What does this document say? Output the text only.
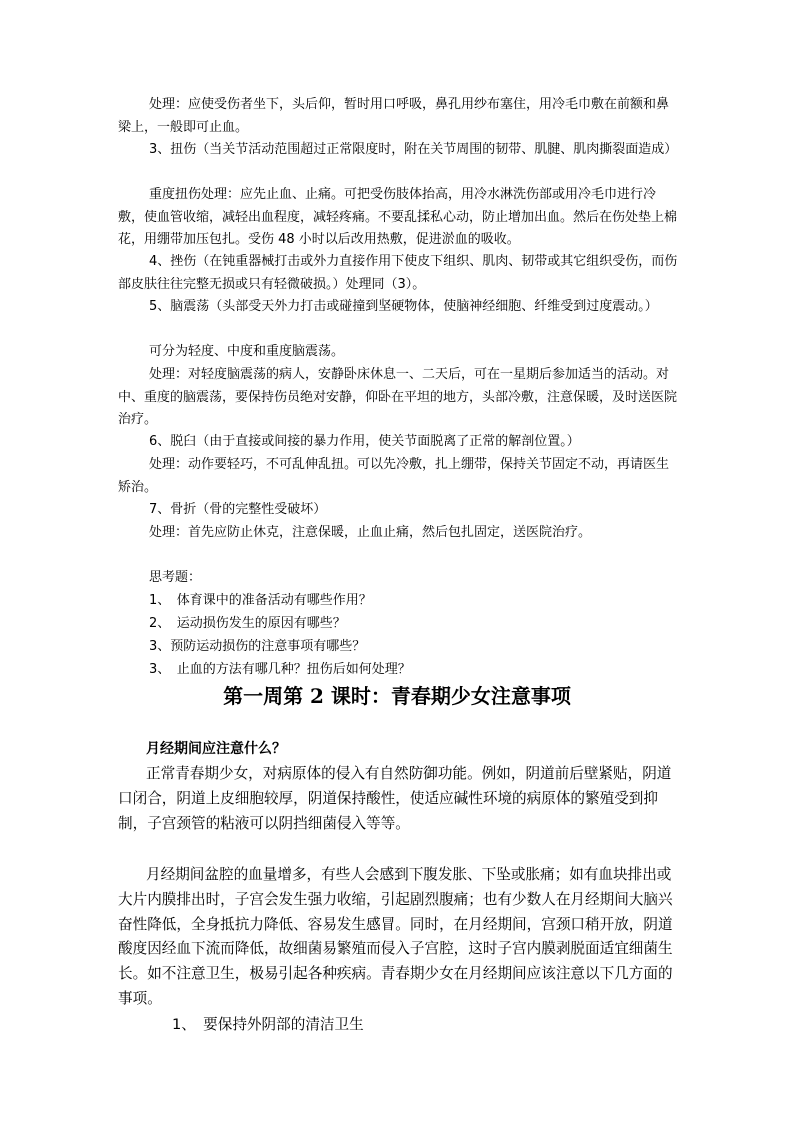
处理：应使受伤者坐下，头后仰，暂时用口呼吸，鼻孔用纱布塞住，用冷毛巾敷在前额和鼻梁上，一般即可止血。

3、扭伤（当关节活动范围超过正常限度时，附在关节周围的韧带、肌腱、肌肉撕裂面造成）

重度扭伤处理：应先止血、止痛。可把受伤肢体抬高，用冷水淋洗伤部或用冷毛巾进行冷敷，使血管收缩，减轻出血程度，减轻疼痛。不要乱揉私心动，防止增加出血。然后在伤处垫上棉花，用绷带加压包扎。受伤 48 小时以后改用热敷，促进淤血的吸收。

4、挫伤（在钝重器械打击或外力直接作用下使皮下组织、肌肉、韧带或其它组织受伤，而伤部皮肤往往完整无损或只有轻微破损。）处理同（3）。

5、脑震荡（头部受天外力打击或碰撞到坚硬物体，使脑神经细胞、纤维受到过度震动。）

可分为轻度、中度和重度脑震荡。

处理：对轻度脑震荡的病人，安静卧床休息一、二天后，可在一星期后参加适当的活动。对中、重度的脑震荡，要保持伤员绝对安静，仰卧在平坦的地方，头部冷敷，注意保暖，及时送医院治疗。

6、脱臼（由于直接或间接的暴力作用，使关节面脱离了正常的解剖位置。）

处理：动作要轻巧，不可乱伸乱扭。可以先冷敷，扎上绷带，保持关节固定不动，再请医生矫治。

7、骨折（骨的完整性受破坏）

处理：首先应防止休克，注意保暖，止血止痛，然后包扎固定，送医院治疗。

思考题：

1、　体育课中的准备活动有哪些作用？

2、　运动损伤发生的原因有哪些？

3、预防运动损伤的注意事项有哪些？

3、　止血的方法有哪几种？扭伤后如何处理？

第一周第 2 课时：青春期少女注意事项
月经期间应注意什么？

正常青春期少女，对病原体的侵入有自然防御功能。例如，阴道前后壁紧贴，阴道口闭合，阴道上皮细胞较厚，阴道保持酸性，使适应碱性环境的病原体的繁殖受到抑制，子宫颈管的粘液可以阴挡细菌侵入等等。

月经期间盆腔的血量增多，有些人会感到下腹发胀、下坠或胀痛；如有血块排出或大片内膜排出时，子宫会发生强力收缩，引起剧烈腹痛；也有少数人在月经期间大脑兴奋性降低，全身抵抗力降低、容易发生感冒。同时，在月经期间，宫颈口稍开放，阴道酸度因经血下流而降低，故细菌易繁殖而侵入子宫腔，这时子宫内膜剥脱面适宜细菌生长。如不注意卫生，极易引起各种疾病。青春期少女在月经期间应该注意以下几方面的事项。

1、　要保持外阴部的清洁卫生
